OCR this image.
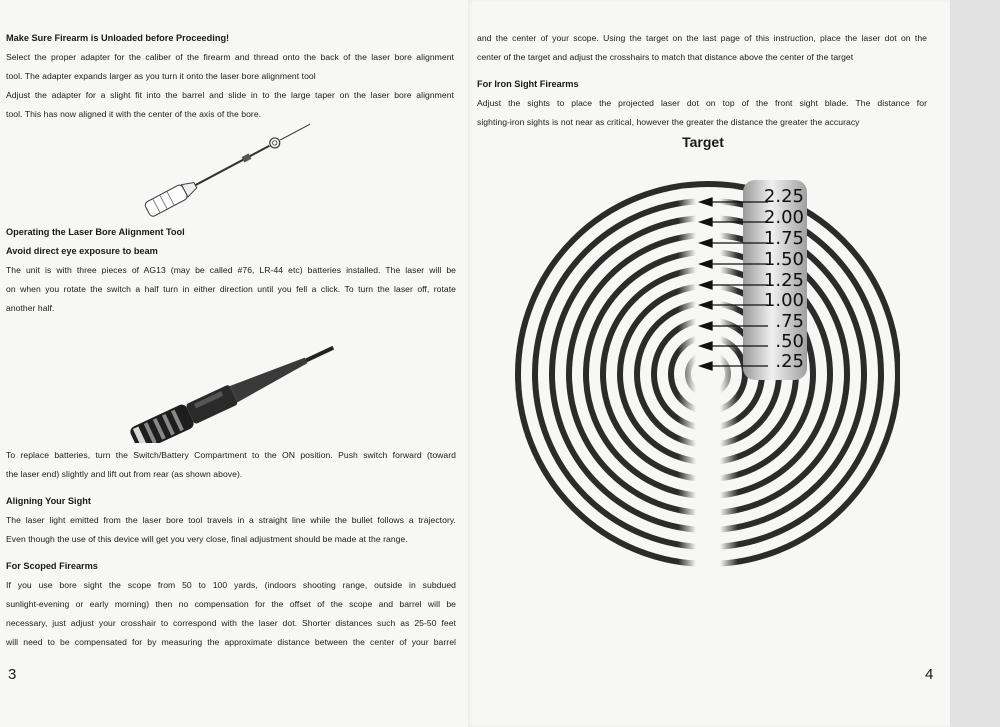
Make Sure Firearm is Unloaded before Proceeding!
Select the proper adapter for the caliber of the firearm and thread onto the back of the laser bore alignment
tool. The adapter expands larger as you turn it onto the laser bore alignment tool
Adjust the adapter for a slight fit into the barrel and slide in to the large taper on the laser bore alignment
tool. This has now aligned it with the center of the axis of the bore.
Operating the Laser Bore Alignment Tool
Avoid direct eye exposure to beam
The unit is with three pieces of AG13 (may be called #76, LR-44 etc) batteries installed. The laser will be
on when you rotate the switch a half turn in either direction until you fell a click. To turn the laser off, rotate
another half.
To replace batteries, turn the Switch/Battery Compartment to the ON position. Push switch forward (toward
the laser end) slightly and lift out from rear (as shown above).
Aligning Your Sight
The laser light emitted from the laser bore tool travels in a straight line while the bullet follows a trajectory.
Even though the use of this device will get you very close, final adjustment should be made at the range.
For Scoped Firearms
If you use bore sight the scope from 50 to 100 yards, (indoors shooting range, outside in subdued
sunlight-evening or early morning) then no compensation for the offset of the scope and barrel will be
necessary, just adjust your crosshair to correspond with the laser dot. Shorter distances such as 25-50 feet
will need to be compensated for by measuring the approximate distance between the center of your barrel
3
and the center of your scope. Using the target on the last page of this instruction, place the laser dot on the
center of the target and adjust the crosshairs to match that distance above the center of the target
For Iron Sight Firearms
Adjust the sights to place the projected laser dot on top of the front sight blade. The distance for
sighting-iron sights is not near as critical, however the greater the distance the greater the accuracy
4
Target
2.25
2.00
1.75
1.50
1.25
1.00
.75
.50
.25
